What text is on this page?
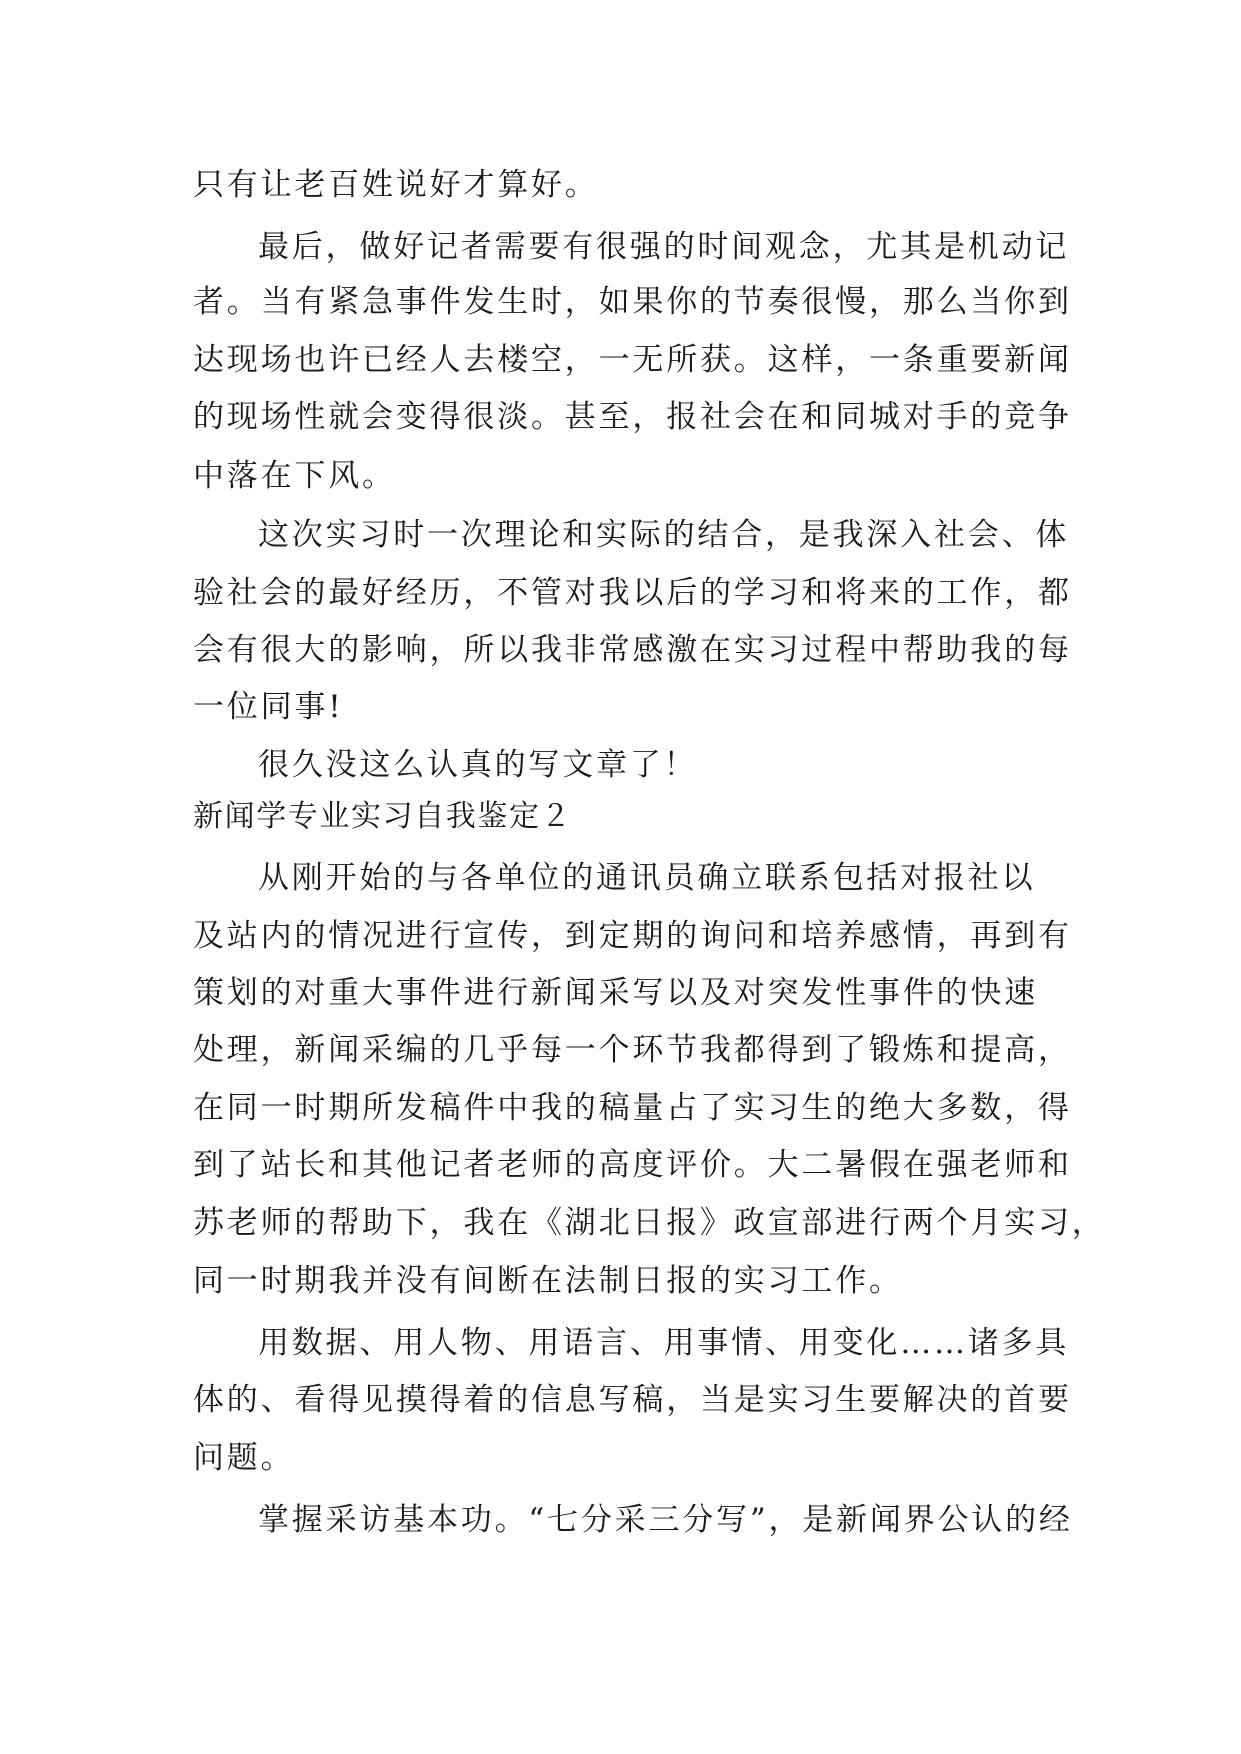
只有让老百姓说好才算好。
最后，做好记者需要有很强的时间观念，尤其是机动记
者。当有紧急事件发生时，如果你的节奏很慢，那么当你到
达现场也许已经人去楼空，一无所获。这样，一条重要新闻
的现场性就会变得很淡。甚至，报社会在和同城对手的竞争
中落在下风。
这次实习时一次理论和实际的结合，是我深入社会、体
验社会的最好经历，不管对我以后的学习和将来的工作，都
会有很大的影响，所以我非常感激在实习过程中帮助我的每
一位同事!
很久没这么认真的写文章了！
新闻学专业实习自我鉴定２
从刚开始的与各单位的通讯员确立联系包括对报社以
及站内的情况进行宣传，到定期的询问和培养感情，再到有
策划的对重大事件进行新闻采写以及对突发性事件的快速
处理，新闻采编的几乎每一个环节我都得到了锻炼和提高，
在同一时期所发稿件中我的稿量占了实习生的绝大多数，得
到了站长和其他记者老师的高度评价。大二暑假在强老师和
苏老师的帮助下，我在《湖北日报》政宣部进行两个月实习，
同一时期我并没有间断在法制日报的实习工作。
用数据、用人物、用语言、用事情、用变化……诸多具
体的、看得见摸得着的信息写稿，当是实习生要解决的首要
问题。
掌握采访基本功。“七分采三分写”，是新闻界公认的经
